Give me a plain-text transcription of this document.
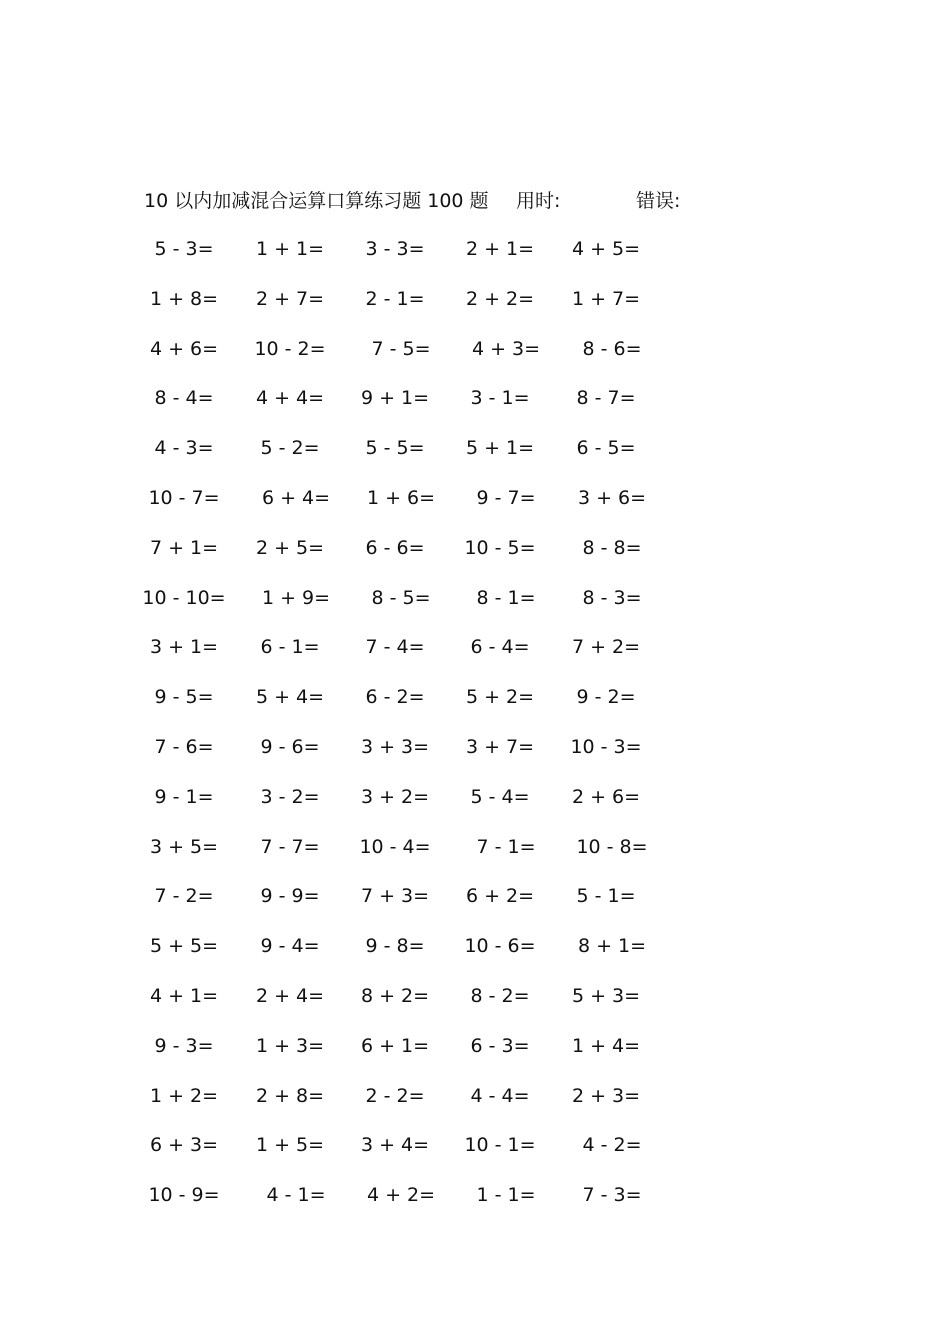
10 以内加减混合运算口算练习题 100 题 用时:	错误:
5 - 3=	1 + 1=	3 - 3=	2 + 1=	4 + 5=
1 + 8=	2 + 7=	2 - 1=	2 + 2=	1 + 7=
4 + 6=	10 - 2=	7 - 5=	4 + 3=	8 - 6=
8 - 4=	4 + 4=	9 + 1=	3 - 1=	8 - 7=
4 - 3=	5 - 2=	5 - 5=	5 + 1=	6 - 5=
10 - 7=	6 + 4=	1 + 6=	9 - 7=	3 + 6=
7 + 1=	2 + 5=	6 - 6=	10 - 5=	8 - 8=
10 - 10=	1 + 9=	8 - 5=	8 - 1=	8 - 3=
3 + 1=	6 - 1=	7 - 4=	6 - 4=	7 + 2=
9 - 5=	5 + 4=	6 - 2=	5 + 2=	9 - 2=
7 - 6=	9 - 6=	3 + 3=	3 + 7=	10 - 3=
9 - 1=	3 - 2=	3 + 2=	5 - 4=	2 + 6=
3 + 5=	7 - 7=	10 - 4=	7 - 1=	10 - 8=
7 - 2=	9 - 9=	7 + 3=	6 + 2=	5 - 1=
5 + 5=	9 - 4=	9 - 8=	10 - 6=	8 + 1=
4 + 1=	2 + 4=	8 + 2=	8 - 2=	5 + 3=
9 - 3=	1 + 3=	6 + 1=	6 - 3=	1 + 4=
1 + 2=	2 + 8=	2 - 2=	4 - 4=	2 + 3=
6 + 3=	1 + 5=	3 + 4=	10 - 1=	4 - 2=
10 - 9=	4 - 1=	4 + 2=	1 - 1=	7 - 3=
